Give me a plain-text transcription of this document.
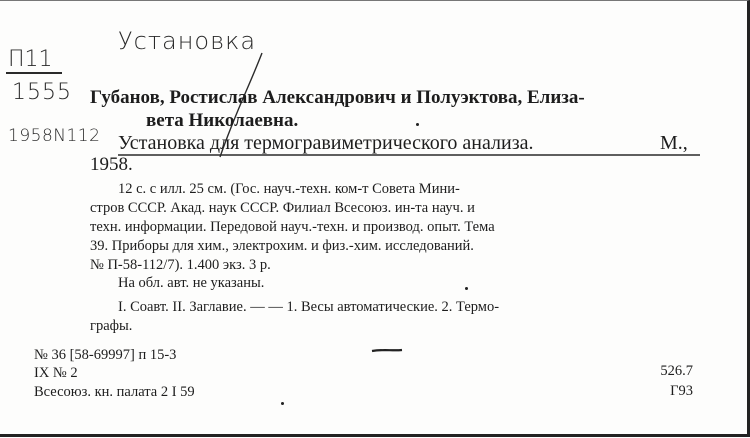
Установка
П11
1555
1958N112
Губанов, Ростислав Александрович и Полуэктова, Елиза-
вета Николаевна.
Установка для термогравиметрического анализа.	М.,
1958.
12 с. с илл. 25 см. (Гос. науч.-техн. ком-т Совета Мини-
стров СССР. Акад. наук СССР. Филиал Всесоюз. ин-та науч. и
техн. информации. Передовой науч.-техн. и производ. опыт. Тема
39. Приборы для хим., электрохим. и физ.-хим. исследований.
№ П-58-112/7). 1.400 экз. 3 р.
На обл. авт. не указаны.
I. Соавт. II. Заглавие. — — 1. Весы автоматические. 2. Термо-
графы.
№ 36 [58-69997] п 15-3
IX № 2
Всесоюз. кн. палата 2 I 59
526.7
Г93
